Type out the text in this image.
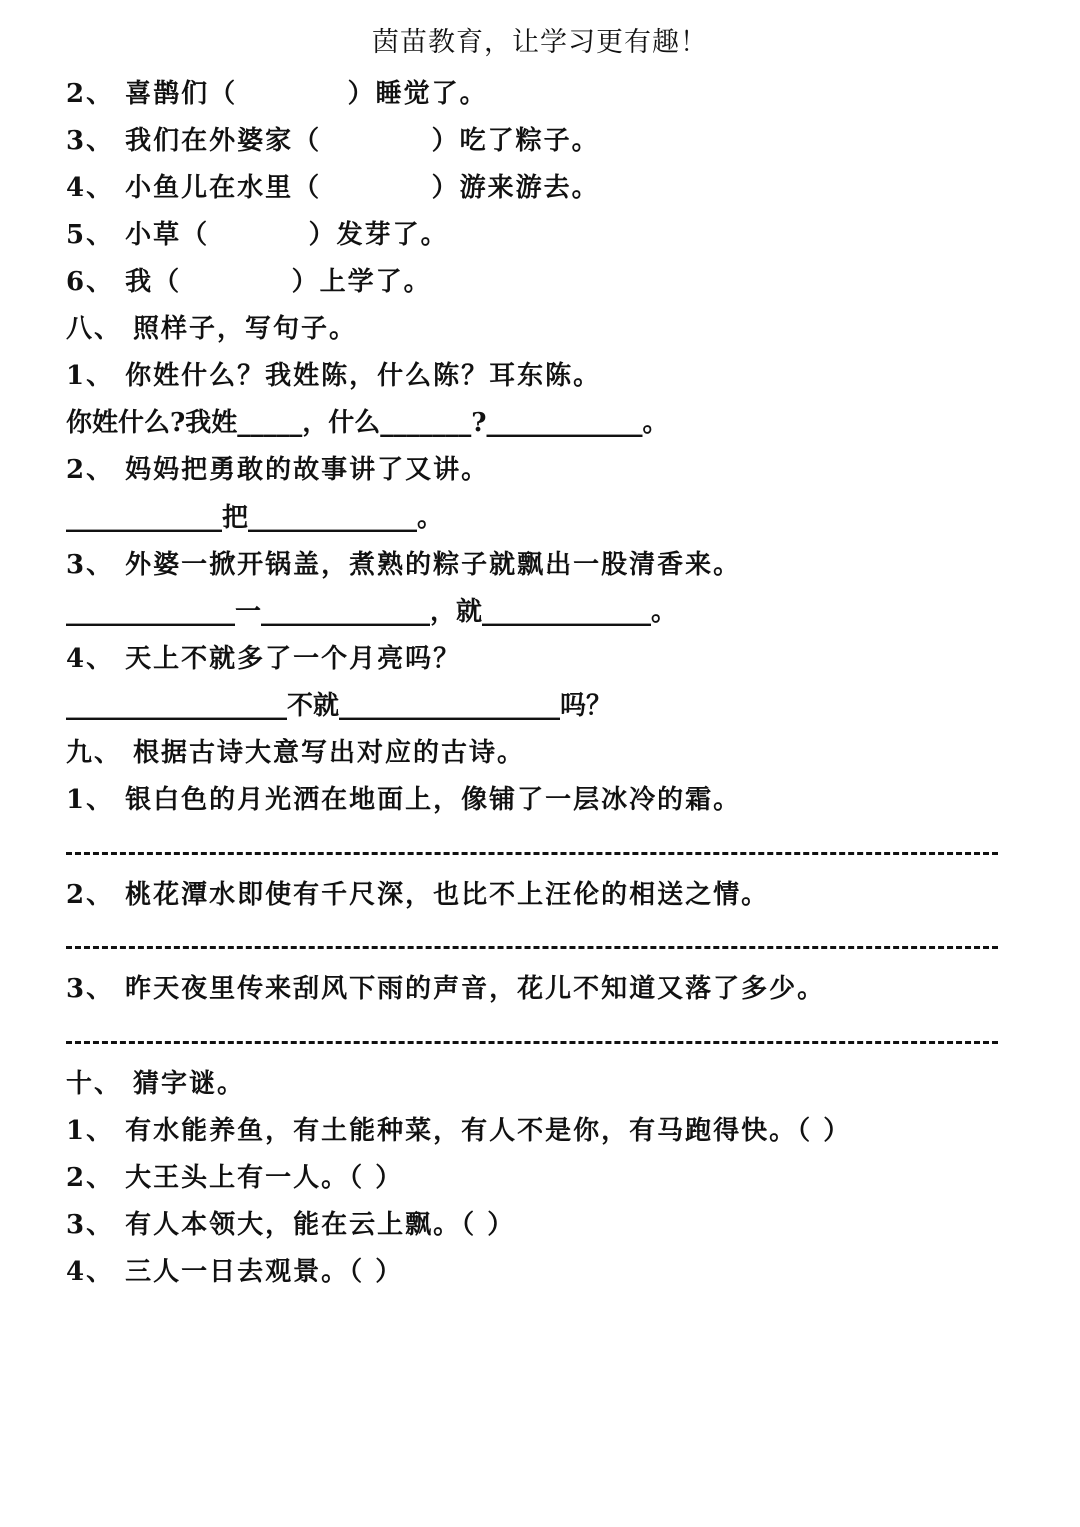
茵苗教育，让学习更有趣！
2、 喜鹊们（          ）睡觉了。
3、 我们在外婆家（          ）吃了粽子。
4、 小鱼儿在水里（          ）游来游去。
5、 小草（         ）发芽了。
6、 我（          ）上学了。
八、 照样子，写句子。
1、 你姓什么？我姓陈，什么陈？耳东陈。
你姓什么?我姓_____，什么_______?____________。
2、 妈妈把勇敢的故事讲了又讲。
____________把_____________。
3、 外婆一掀开锅盖，煮熟的粽子就飘出一股清香来。
_____________一_____________，就_____________。
4、 天上不就多了一个月亮吗？
_________________不就_________________吗？
九、 根据古诗大意写出对应的古诗。
1、 银白色的月光洒在地面上，像铺了一层冰冷的霜。
2、 桃花潭水即使有千尺深，也比不上汪伦的相送之情。
3、 昨天夜里传来刮风下雨的声音，花儿不知道又落了多少。
十、 猜字谜。
1、 有水能养鱼，有土能种菜，有人不是你，有马跑得快。（ ）
2、 大王头上有一人。（ ）
3、 有人本领大，能在云上飘。（ ）
4、 三人一日去观景。（ ）
